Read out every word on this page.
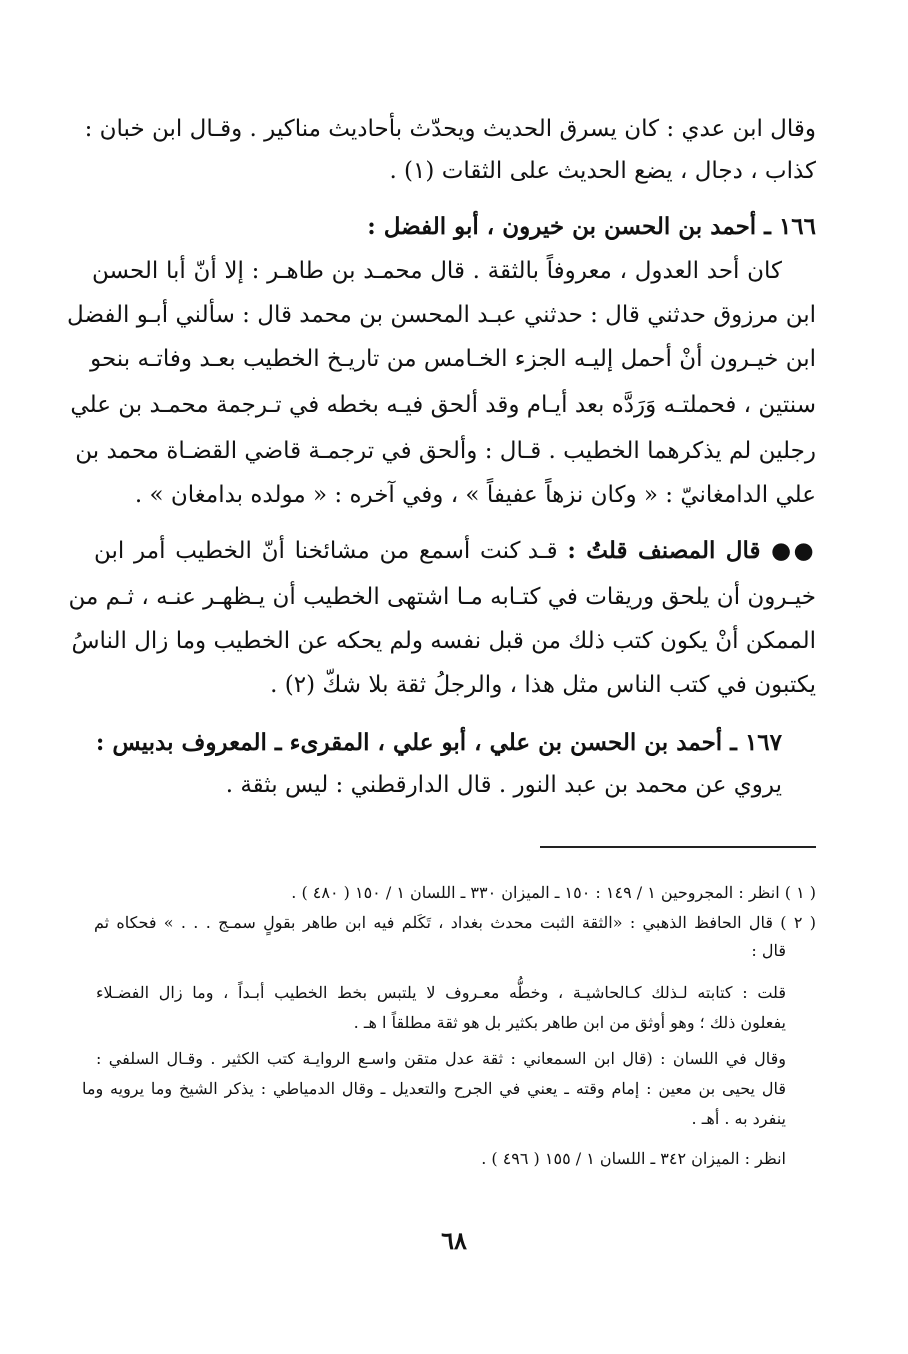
وقال ابن عدي : كان يسرق الحديث ويحدّث بأحاديث مناكير . وقـال ابن خبان :
كذاب ، دجال ، يضع الحديث على الثقات (١) .
١٦٦ ـ أحمد بن الحسن بن خيرون ، أبو الفضل :
كان أحد العدول ، معروفاً بالثقة . قال محمـد بن طاهـر : إلا أنّ أبا الحسن
ابن مرزوق حدثني قال : حدثني عبـد المحسن بن محمد قال : سألني أبـو الفضل
ابن خيـرون أنْ أحمل إليـه الجزء الخـامس من تاريـخ الخطيب بعـد وفاتـه بنحو
سنتين ، فحملتـه وَرَدَّه بعد أيـام وقد ألحق فيـه بخطه في تـرجمة محمـد بن علي
رجلين لم يذكرهما الخطيب . قـال : وألحق في ترجمـة قاضي القضـاة محمد بن
علي الدامغانيّ : « وكان نزهاً عفيفاً » ، وفي آخره : « مولده بدامغان » .
●● قال المصنف قلتُ : قـد كنت أسمع من مشائخنا أنّ الخطيب أمر ابن
خيـرون أن يلحق وريقات في كتـابه مـا اشتهى الخطيب أن يـظهـر عنـه ، ثـم من
الممكن أنْ يكون كتب ذلك من قبل نفسه ولم يحكه عن الخطيب وما زال الناسُ
يكتبون في كتب الناس مثل هذا ، والرجلُ ثقة بلا شكّ (٢) .
١٦٧ ـ أحمد بن الحسن بن علي ، أبو علي ، المقرىء ـ المعروف بدبيس :
يروي عن محمد بن عبد النور . قال الدارقطني : ليس بثقة .
( ١ ) انظر : المجروحين ١ / ١٤٩ : ١٥٠ ـ الميزان ٣٣٠ ـ اللسان ١ / ١٥٠ ( ٤٨٠ ) .
( ٢ ) قال الحافظ الذهبي : «الثقة الثبت محدث بغداد ، تَكَلم فيه ابن طاهر بقولٍ سمـج . . . » فحكاه ثم
قال :
قلت : كتابته لـذلك كـالحاشيـة ، وخطُّه معـروف لا يلتبس بخط الخطيب أبـداً ، وما زال الفضـلاء
يفعلون ذلك ؛ وهو أوثق من ابن طاهر بكثير بل هو ثقة مطلقاً ا هـ .
وقال في اللسان : (قال ابن السمعاني : ثقة عدل متقن واسـع الروايـة كتب الكثير . وقـال السلفي :
قال يحيى بن معين : إمام وقته ـ يعني في الجرح والتعديل ـ وقال الدمياطي : يذكر الشيخ وما يرويه وما
ينفرد به . أهـ .
انظر : الميزان ٣٤٢ ـ اللسان ١ / ١٥٥ ( ٤٩٦ ) .
٦٨
